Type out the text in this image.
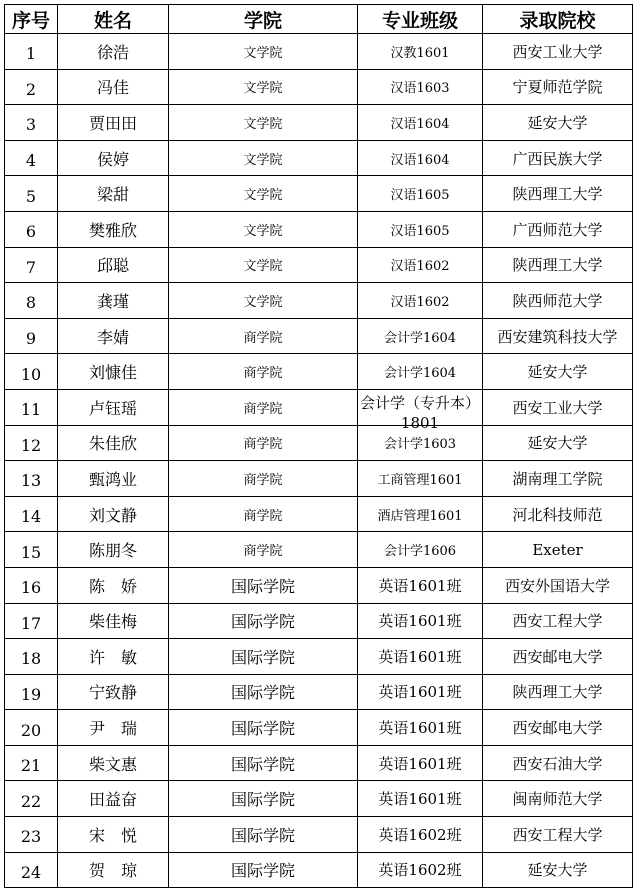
序号	姓名	学院	专业班级	录取院校
1	徐浩	文学院	汉教1601	西安工业大学
2	冯佳	文学院	汉语1603	宁夏师范学院
3	贾田田	文学院	汉语1604	延安大学
4	侯婷	文学院	汉语1604	广西民族大学
5	梁甜	文学院	汉语1605	陕西理工大学
6	樊雅欣	文学院	汉语1605	广西师范大学
7	邱聪	文学院	汉语1602	陕西理工大学
8	龚瑾	文学院	汉语1602	陕西师范大学
9	李婧	商学院	会计学1604	西安建筑科技大学
10	刘慷佳	商学院	会计学1604	延安大学
11	卢钰瑶	商学院	会计学（专升本）1801	西安工业大学
12	朱佳欣	商学院	会计学1603	延安大学
13	甄鸿业	商学院	工商管理1601	湖南理工学院
14	刘文静	商学院	酒店管理1601	河北科技师范
15	陈朋冬	商学院	会计学1606	Exeter
16	陈　娇	国际学院	英语1601班	西安外国语大学
17	柴佳梅	国际学院	英语1601班	西安工程大学
18	许　敏	国际学院	英语1601班	西安邮电大学
19	宁致静	国际学院	英语1601班	陕西理工大学
20	尹　瑞	国际学院	英语1601班	西安邮电大学
21	柴文惠	国际学院	英语1601班	西安石油大学
22	田益奋	国际学院	英语1601班	闽南师范大学
23	宋　悦	国际学院	英语1602班	西安工程大学
24	贺　琼	国际学院	英语1602班	延安大学
